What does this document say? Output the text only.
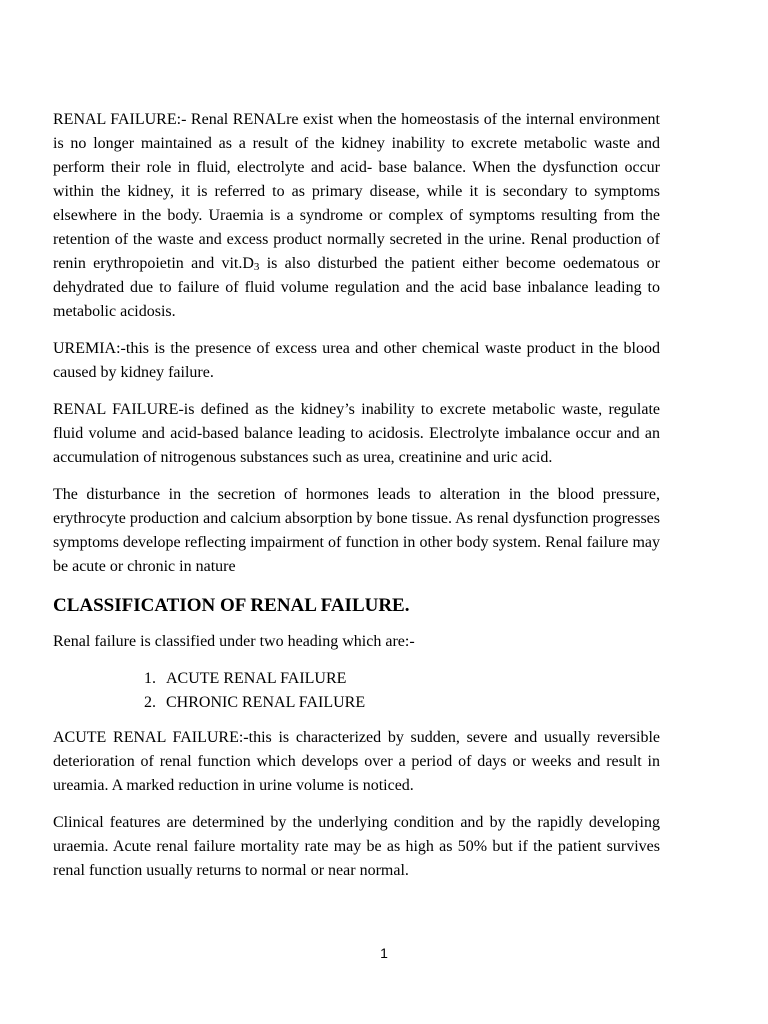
RENAL FAILURE:- Renal RENALre exist when the homeostasis of the internal environment is no longer maintained as a result of the kidney inability to excrete metabolic waste and perform their role in fluid, electrolyte and acid- base balance. When the dysfunction occur within the kidney, it is referred to as primary disease, while it is secondary to symptoms elsewhere in the body. Uraemia is a syndrome or complex of symptoms resulting from the retention of the waste and excess product normally secreted in the urine. Renal production of renin erythropoietin and $vit.D_3$ is also disturbed the patient either become oedematous or dehydrated due to failure of fluid volume regulation and the acid base inbalance leading to metabolic acidosis.

UREMIA:-this is the presence of excess urea and other chemical waste product in the blood caused by kidney failure.

RENAL FAILURE-is defined as the kidney’s inability to excrete metabolic waste, regulate fluid volume and acid-based balance leading to acidosis. Electrolyte imbalance occur and an accumulation of nitrogenous substances such as urea, creatinine and uric acid.

The disturbance in the secretion of hormones leads to alteration in the blood pressure, erythrocyte production and calcium absorption by bone tissue. As renal dysfunction progresses symptoms develope reflecting impairment of function in other body system. Renal failure may be acute or chronic in nature

CLASSIFICATION OF RENAL FAILURE.

Renal failure is classified under two heading which are:-

1. ACUTE RENAL FAILURE
2. CHRONIC RENAL FAILURE

ACUTE RENAL FAILURE:-this is characterized by sudden, severe and usually reversible deterioration of renal function which develops over a period of days or weeks and result in ureamia. A marked reduction in urine volume is noticed.

Clinical features are determined by the underlying condition and by the rapidly developing uraemia. Acute renal failure mortality rate may be as high as 50% but if the patient survives renal function usually returns to normal or near normal.

1
